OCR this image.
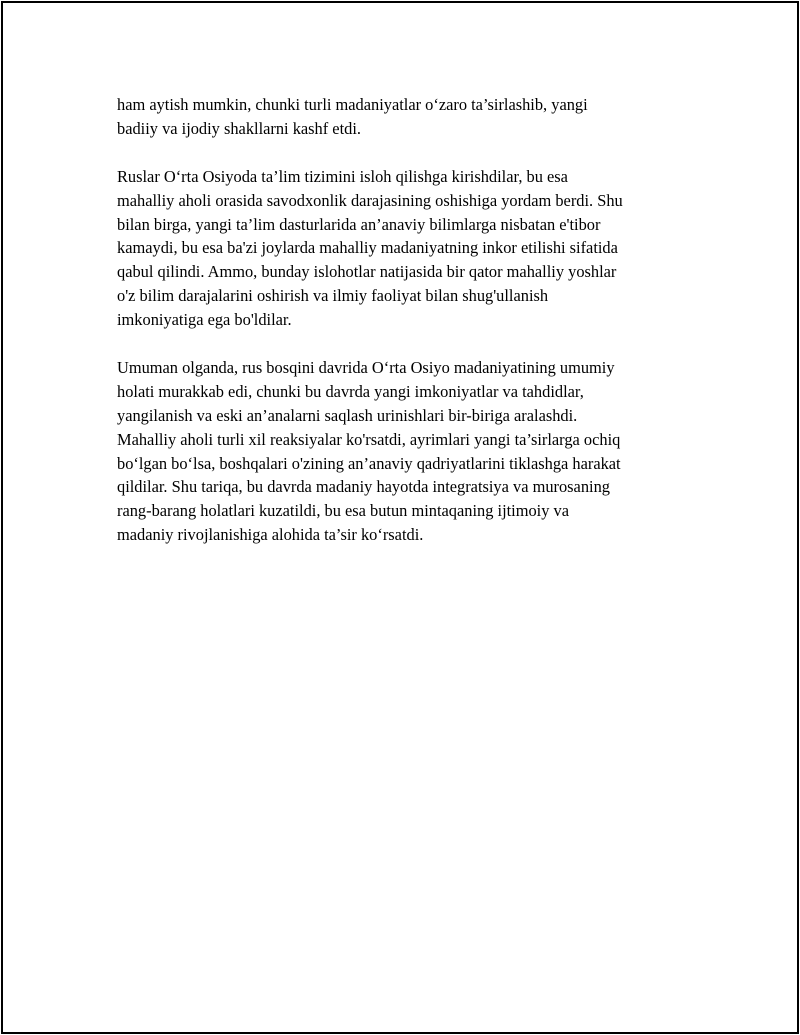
ham aytish mumkin, chunki turli madaniyatlar o‘zaro ta’sirlashib, yangi
badiiy va ijodiy shakllarni kashf etdi.

Ruslar O‘rta Osiyoda ta’lim tizimini isloh qilishga kirishdilar, bu esa
mahalliy aholi orasida savodxonlik darajasining oshishiga yordam berdi. Shu
bilan birga, yangi ta’lim dasturlarida an’anaviy bilimlarga nisbatan e'tibor
kamaydi, bu esa ba'zi joylarda mahalliy madaniyatning inkor etilishi sifatida
qabul qilindi. Ammo, bunday islohotlar natijasida bir qator mahalliy yoshlar
o'z bilim darajalarini oshirish va ilmiy faoliyat bilan shug'ullanish
imkoniyatiga ega bo'ldilar.

Umuman olganda, rus bosqini davrida O‘rta Osiyo madaniyatining umumiy
holati murakkab edi, chunki bu davrda yangi imkoniyatlar va tahdidlar,
yangilanish va eski an’analarni saqlash urinishlari bir-biriga aralashdi.
Mahalliy aholi turli xil reaksiyalar ko'rsatdi, ayrimlari yangi ta’sirlarga ochiq
bo‘lgan bo‘lsa, boshqalari o'zining an’anaviy qadriyatlarini tiklashga harakat
qildilar. Shu tariqa, bu davrda madaniy hayotda integratsiya va murosaning
rang-barang holatlari kuzatildi, bu esa butun mintaqaning ijtimoiy va
madaniy rivojlanishiga alohida ta’sir ko‘rsatdi.
